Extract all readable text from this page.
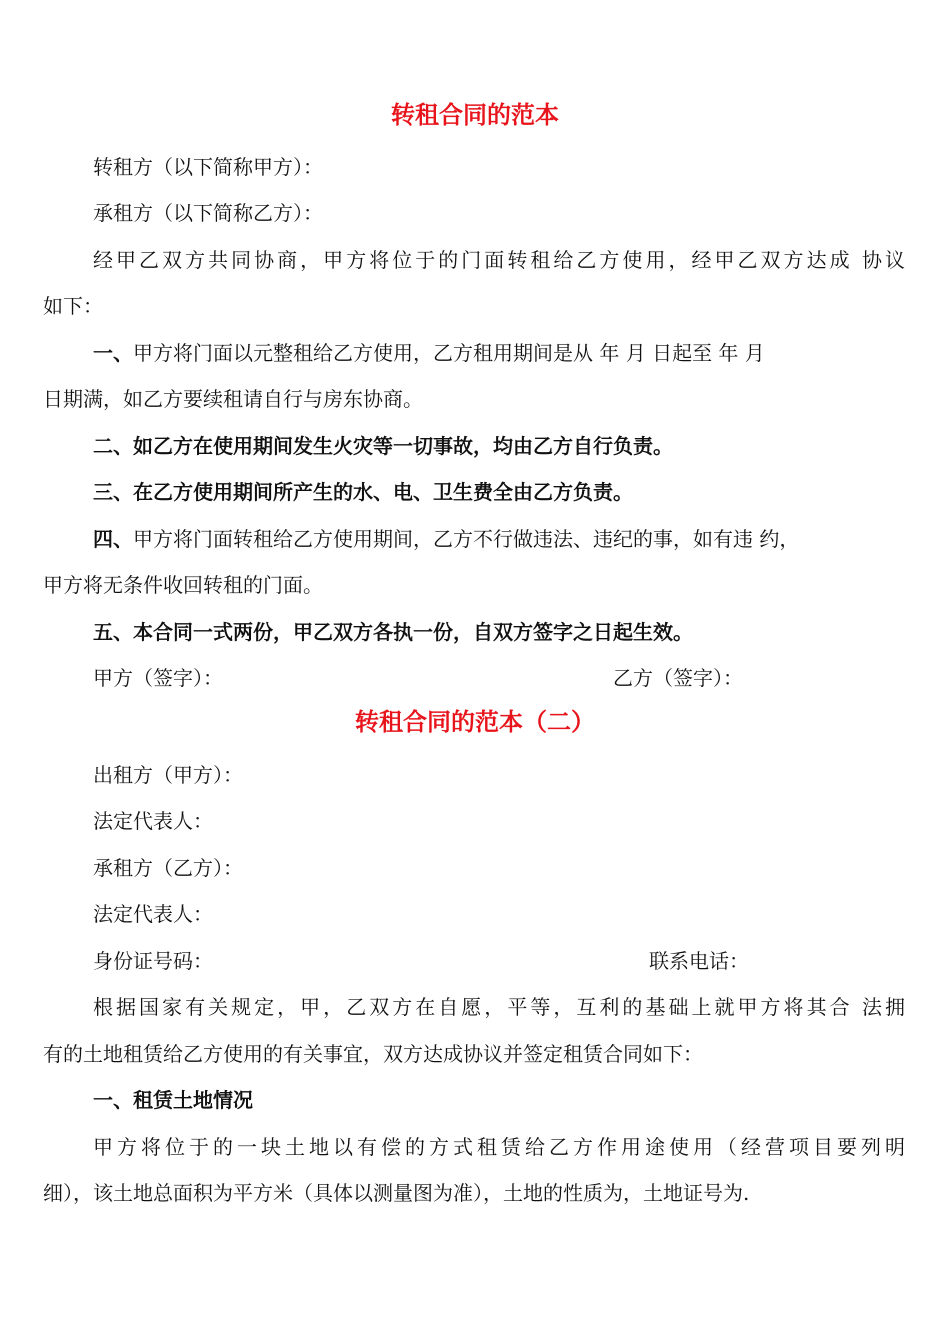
转租合同的范本
转租方（以下简称甲方）：
承租方（以下简称乙方）：
经甲乙双方共同协商，甲方将位于的门面转租给乙方使用，经甲乙双方达成 协议
如下：
一、甲方将门面以元整租给乙方使用，乙方租用期间是从 年 月 日起至 年 月
日期满，如乙方要续租请自行与房东协商。
二、如乙方在使用期间发生火灾等一切事故，均由乙方自行负责。
三、在乙方使用期间所产生的水、电、卫生费全由乙方负责。
四、甲方将门面转租给乙方使用期间，乙方不行做违法、违纪的事，如有违 约，
甲方将无条件收回转租的门面。
五、本合同一式两份，甲乙双方各执一份，自双方签字之日起生效。
甲方（签字）：	乙方（签字）：
转租合同的范本（二）
出租方（甲方）：
法定代表人：
承租方（乙方）：
法定代表人：
身份证号码：	联系电话：
根据国家有关规定，甲，乙双方在自愿，平等，互利的基础上就甲方将其合 法拥
有的土地租赁给乙方使用的有关事宜，双方达成协议并签定租赁合同如下：
一、租赁土地情况
甲方将位于的一块土地以有偿的方式租赁给乙方作用途使用（经营项目要列明
细），该土地总面积为平方米（具体以测量图为准），土地的性质为，土地证号为.
